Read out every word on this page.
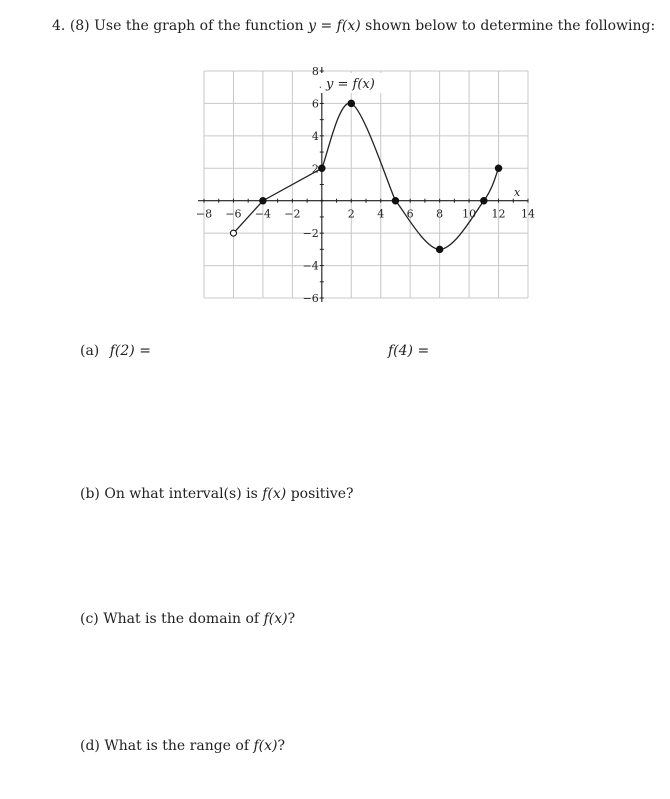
4. (8) Use the graph of the function y = f(x) shown below to determine the following:
−8 −6 −4 −2	2 4 6 8 10 12 14
8
6
4
2
−2
−4
−6
y = f(x)
x
(a) f(2) =	f(4) =
(b) On what interval(s) is f(x) positive?
(c) What is the domain of f(x)?
(d) What is the range of f(x)?
